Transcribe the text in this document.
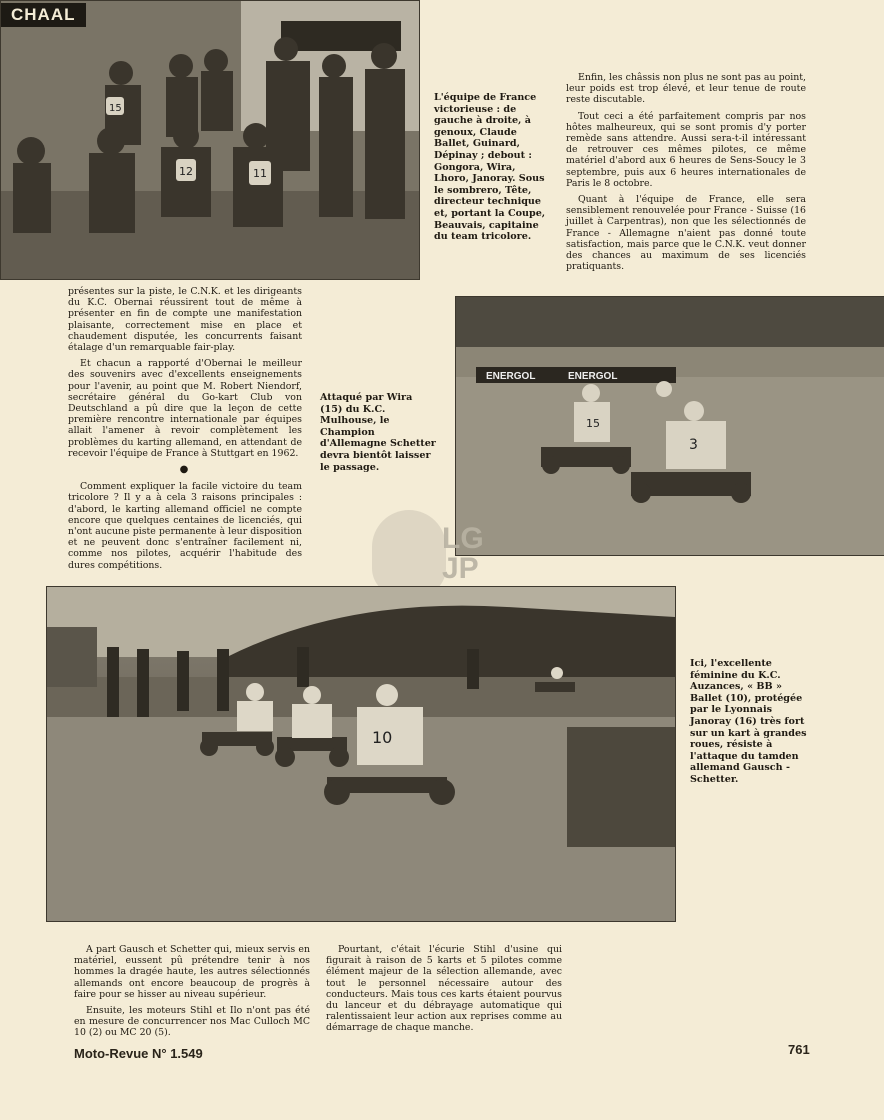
11
12
15
CHAAL
L'équipe de France victorieuse : de gauche à droite, à genoux, Claude Ballet, Guinard, Dépinay ; debout : Gongora, Wira, Lhoro, Janoray. Sous le sombrero, Tête, directeur technique et, portant la Coupe, Beauvais, capitaine du team tricolore.

Enfin, les châssis non plus ne sont pas au point, leur poids est trop élevé, et leur tenue de route reste discutable.

Tout ceci a été parfaitement compris par nos hôtes malheureux, qui se sont promis d'y porter remède sans attendre. Aussi sera-t-il intéressant de retrouver ces mêmes pilotes, ce même matériel d'abord aux 6 heures de Sens-Soucy le 3 septembre, puis aux 6 heures internationales de Paris le 8 octobre.

Quant à l'équipe de France, elle sera sensiblement renouvelée pour France - Suisse (16 juillet à Carpentras), non que les sélectionnés de France - Allemagne n'aient pas donné toute satisfaction, mais parce que le C.N.K. veut donner des chances au maximum de ses licenciés pratiquants.

présentes sur la piste, le C.N.K. et les dirigeants du K.C. Obernai réussirent tout de même à présenter en fin de compte une manifestation plaisante, correctement mise en place et chaudement disputée, les concurrents faisant étalage d'un remarquable fair-play.

Et chacun a rapporté d'Obernai le meilleur des souvenirs avec d'excellents enseignements pour l'avenir, au point que M. Robert Niendorf, secrétaire général du Go-kart Club von Deutschland a pû dire que la leçon de cette première rencontre internationale par équipes allait l'amener à revoir complètement les problèmes du karting allemand, en attendant de recevoir l'équipe de France à Stuttgart en 1962.

●

Comment expliquer la facile victoire du team tricolore ? Il y a à cela 3 raisons principales : d'abord, le karting allemand officiel ne compte encore que quelques centaines de licenciés, qui n'ont aucune piste permanente à leur disposition et ne peuvent donc s'entraîner facilement ni, comme nos pilotes, acquérir l'habitude des dures compétitions.

Attaqué par Wira (15) du K.C. Mulhouse, le Champion d'Allemagne Schetter devra bientôt laisser le passage.
ENERGOL	ENERGOL
15
3
LG JP
10
Ici, l'excellente féminine du K.C. Auzances, « BB » Ballet (10), protégée par le Lyonnais Janoray (16) très fort sur un kart à grandes roues, résiste à l'attaque du tamden allemand Gausch - Schetter.

A part Gausch et Schetter qui, mieux servis en matériel, eussent pû prétendre tenir à nos hommes la dragée haute, les autres sélectionnés allemands ont encore beaucoup de progrès à faire pour se hisser au niveau supérieur.

Ensuite, les moteurs Stihl et Ilo n'ont pas été en mesure de concurrencer nos Mac Culloch MC 10 (2) ou MC 20 (5).

Pourtant, c'était l'écurie Stihl d'usine qui figurait à raison de 5 karts et 5 pilotes comme élément majeur de la sélection allemande, avec tout le personnel nécessaire autour des conducteurs. Mais tous ces karts étaient pourvus du lanceur et du débrayage automatique qui ralentissaient leur action aux reprises comme au démarrage de chaque manche.

Moto-Revue N° 1.549	761
